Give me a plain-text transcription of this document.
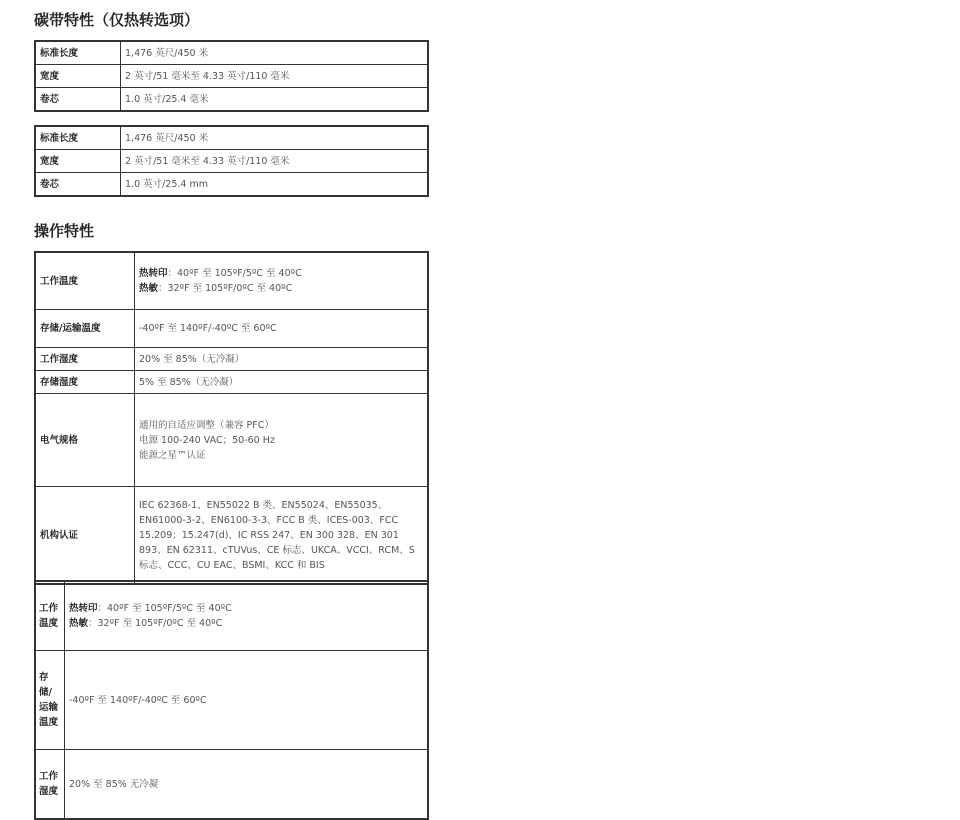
碳带特性（仅热转选项）
标准长度	1,476 英尺/450 米
宽度	2 英寸/51 毫米至 4.33 英寸/110 毫米
卷芯	1.0 英寸/25.4 毫米
标准长度	1,476 英尺/450 米
宽度	2 英寸/51 毫米至 4.33 英寸/110 毫米
卷芯	1.0 英寸/25.4 mm
操作特性
工作温度	热转印：40ºF 至 105ºF/5ºC 至 40ºC
热敏：32ºF 至 105ºF/0ºC 至 40ºC

存储/运输温度	-40ºF 至 140ºF/-40ºC 至 60ºC
工作湿度	20% 至 85%（无冷凝）
存储湿度	5% 至 85%（无冷凝）
电气规格	通用的自适应调整（兼容 PFC）
电源 100-240 VAC；50-60 Hz
能源之星™认证

机构认证	IEC 62368-1、EN55022 B 类、EN55024、EN55035、EN61000-3-2、EN6100-3-3、FCC B 类、ICES-003、FCC 15.209；15.247(d)、IC RSS 247、EN 300 328、EN 301 893、EN 62311、cTUVus、CE 标志、UKCA、VCCI、RCM、S 标志、CCC、CU EAC、BSMI、KCC 和 BIS
工作温度	热转印：40ºF 至 105ºF/5ºC 至 40ºC
热敏：32ºF 至 105ºF/0ºC 至 40ºC

存储/运输温度	-40ºF 至 140ºF/-40ºC 至 60ºC
工作湿度	20% 至 85% 无冷凝
